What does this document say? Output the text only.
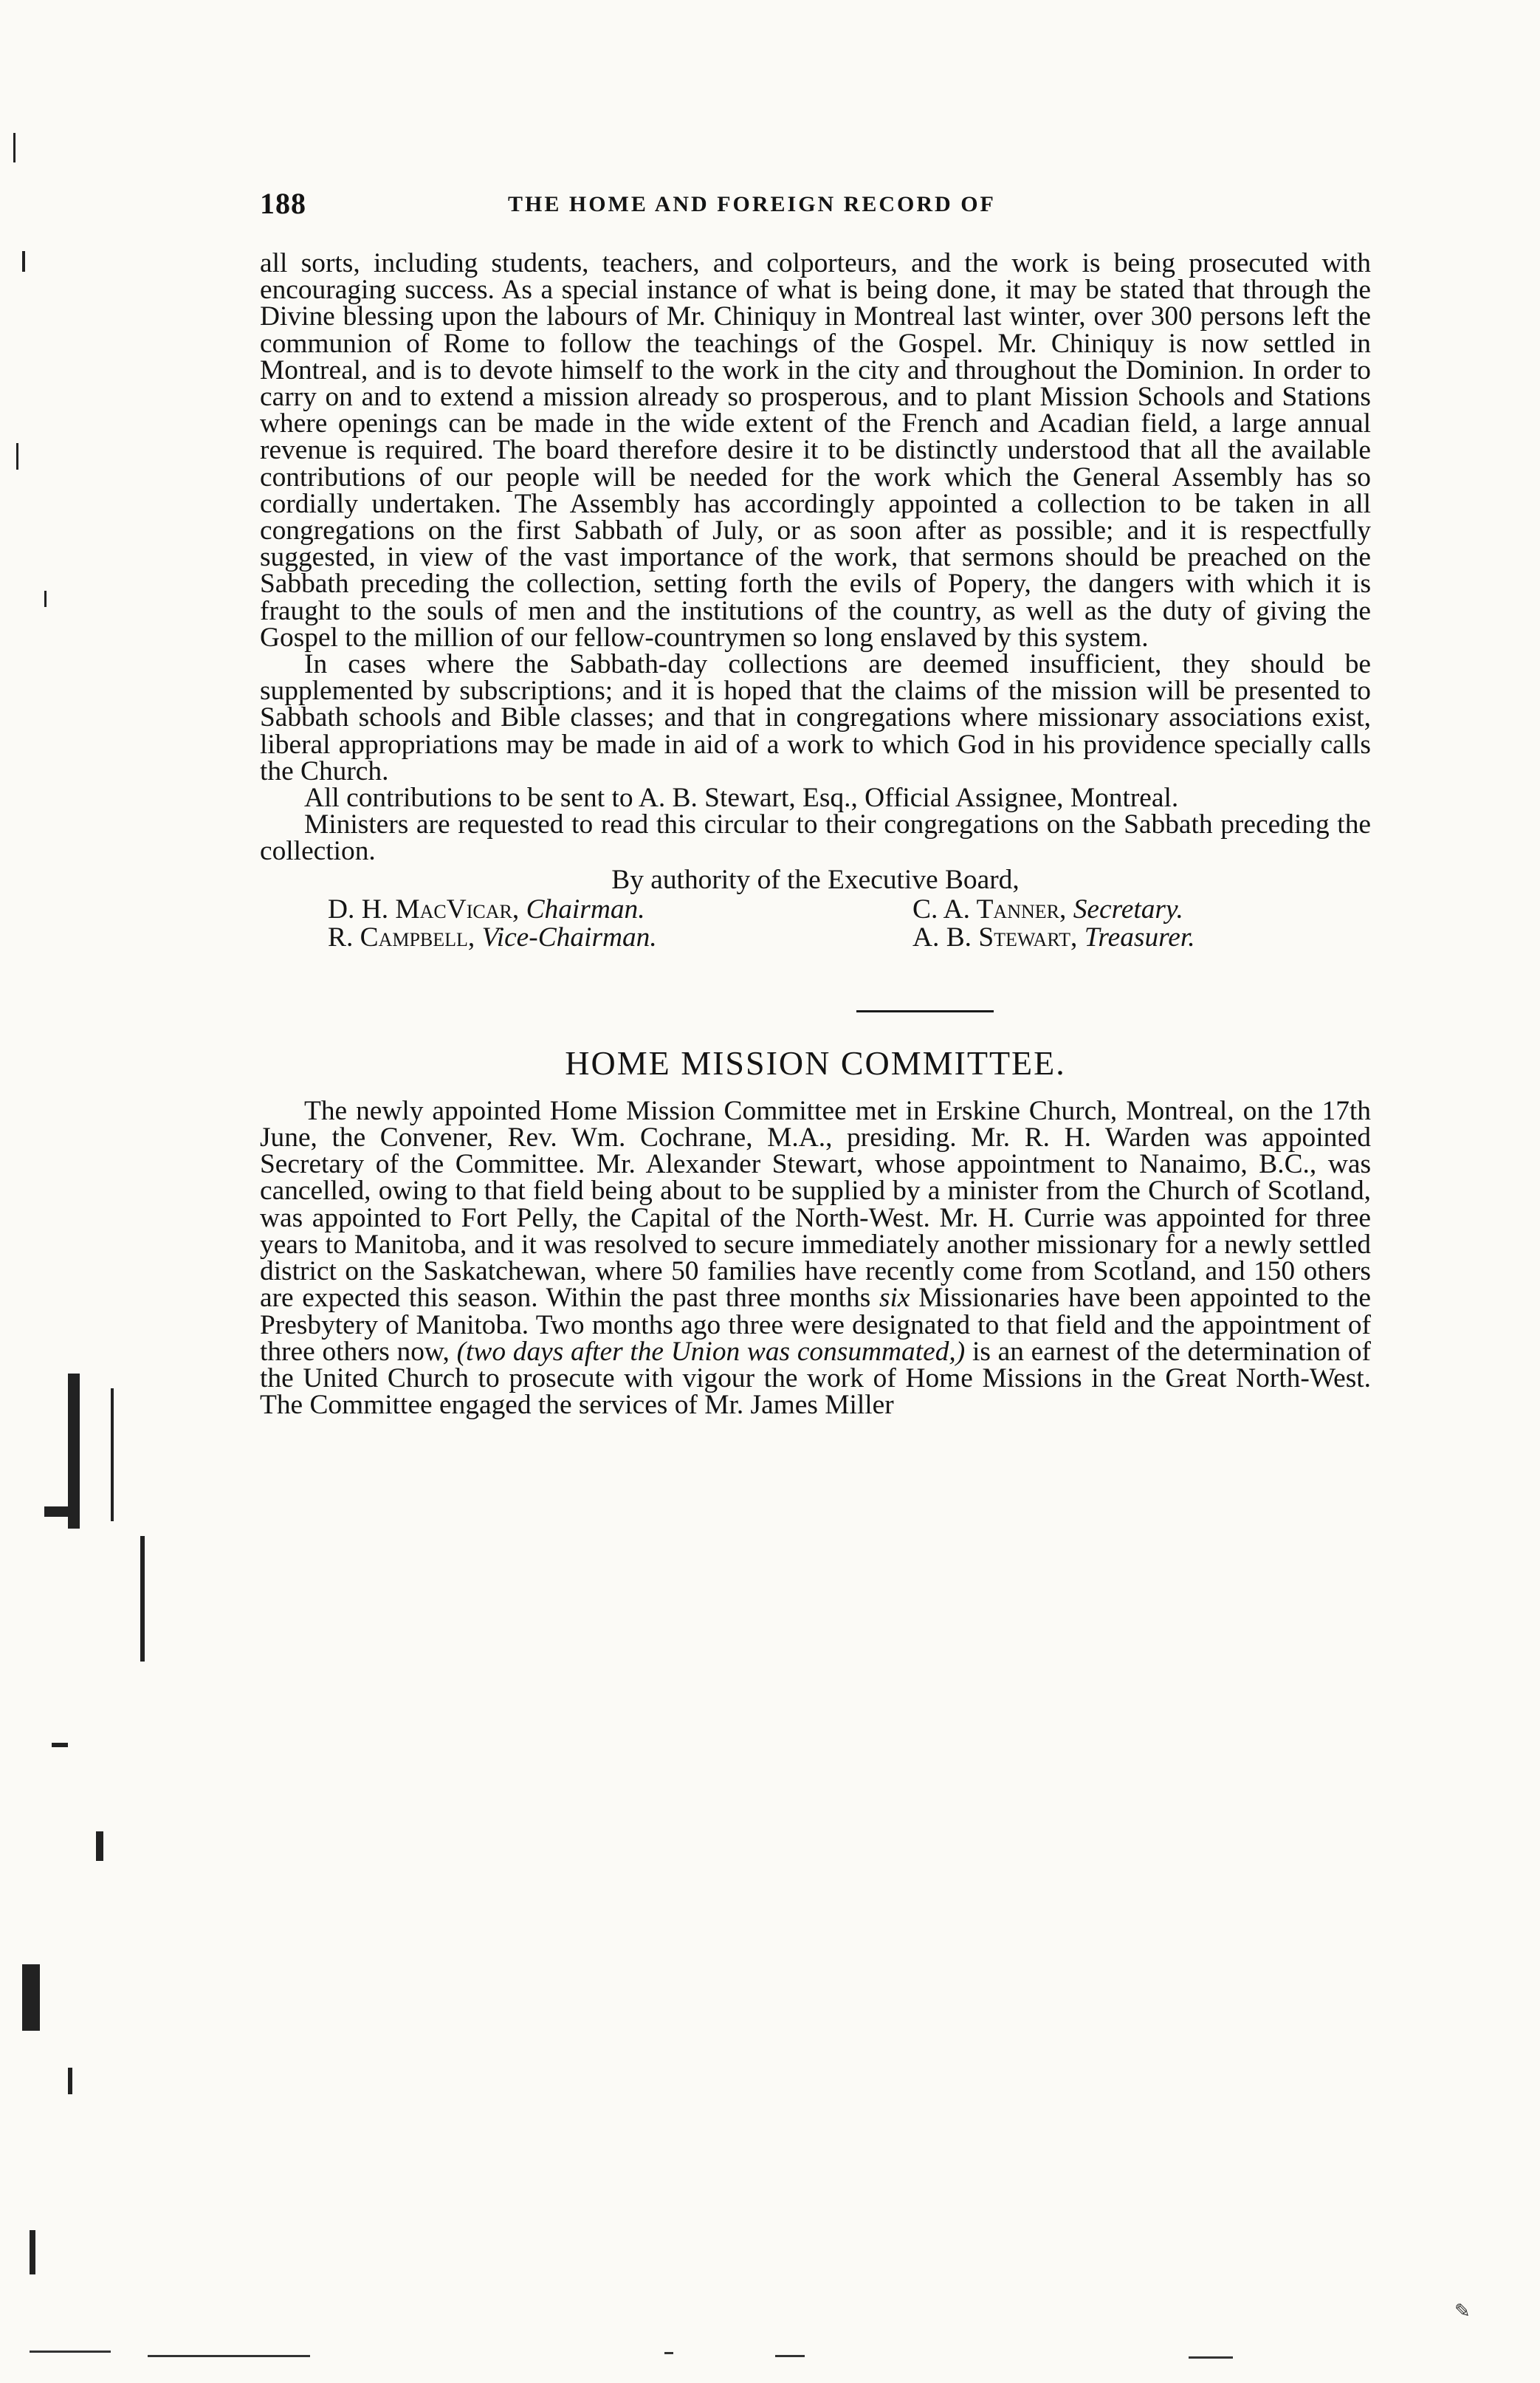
188	THE HOME AND FOREIGN RECORD OF

all sorts, including students, teachers, and colporteurs, and the work is being prosecuted with encouraging success. As a special instance of what is being done, it may be stated that through the Divine blessing upon the labours of Mr. Chiniquy in Montreal last winter, over 300 persons left the communion of Rome to follow the teachings of the Gospel. Mr. Chiniquy is now settled in Montreal, and is to devote himself to the work in the city and throughout the Dominion. In order to carry on and to extend a mission already so prosperous, and to plant Mission Schools and Stations where openings can be made in the wide extent of the French and Acadian field, a large annual revenue is required. The board therefore desire it to be distinctly understood that all the available contributions of our people will be needed for the work which the General Assembly has so cordially undertaken. The Assembly has accordingly appointed a collection to be taken in all congregations on the first Sabbath of July, or as soon after as possible; and it is respectfully suggested, in view of the vast importance of the work, that sermons should be preached on the Sabbath preceding the collection, setting forth the evils of Popery, the dangers with which it is fraught to the souls of men and the institutions of the country, as well as the duty of giving the Gospel to the million of our fellow-countrymen so long enslaved by this system.

In cases where the Sabbath-day collections are deemed insufficient, they should be supplemented by subscriptions; and it is hoped that the claims of the mission will be presented to Sabbath schools and Bible classes; and that in congregations where missionary associations exist, liberal appropriations may be made in aid of a work to which God in his providence specially calls the Church.

All contributions to be sent to A. B. Stewart, Esq., Official Assignee, Montreal.

Ministers are requested to read this circular to their congregations on the Sabbath preceding the collection.

By authority of the Executive Board,

D. H. MacVicar, Chairman.	C. A. Tanner, Secretary.
R. Campbell, Vice-Chairman.	A. B. Stewart, Treasurer.
HOME MISSION COMMITTEE.

The newly appointed Home Mission Committee met in Erskine Church, Montreal, on the 17th June, the Convener, Rev. Wm. Cochrane, M.A., presiding. Mr. R. H. Warden was appointed Secretary of the Committee. Mr. Alexander Stewart, whose appointment to Nanaimo, B.C., was cancelled, owing to that field being about to be supplied by a minister from the Church of Scotland, was appointed to Fort Pelly, the Capital of the North-West. Mr. H. Currie was appointed for three years to Manitoba, and it was resolved to secure immediately another missionary for a newly settled district on the Saskatchewan, where 50 families have recently come from Scotland, and 150 others are expected this season. Within the past three months six Missionaries have been appointed to the Presbytery of Manitoba. Two months ago three were designated to that field and the appointment of three others now, (two days after the Union was consummated,) is an earnest of the determination of the United Church to prosecute with vigour the work of Home Missions in the Great North-West. The Committee engaged the services of Mr. James Miller

✎
